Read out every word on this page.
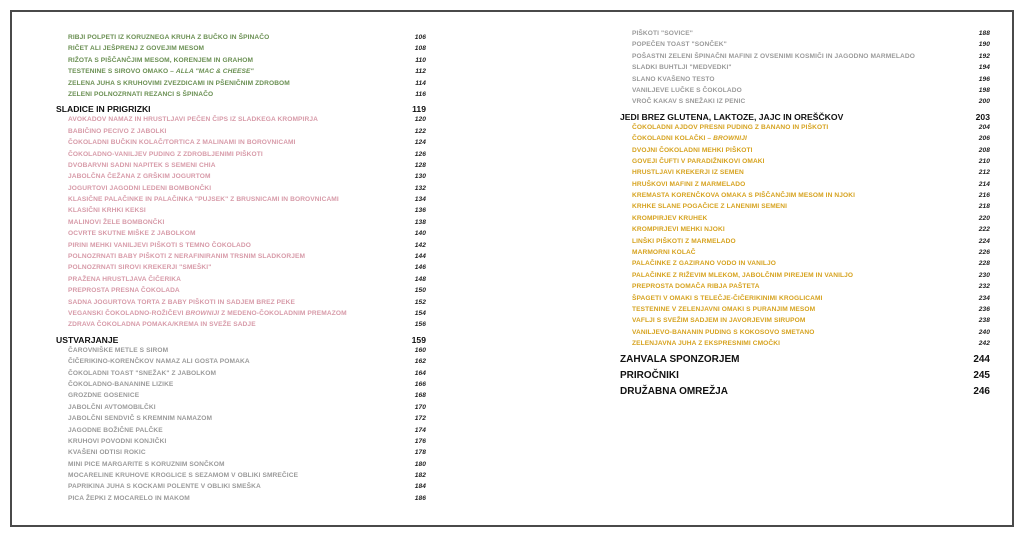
RIBJI POLPETI IZ KORUZNEGA KRUHA Z BUČKO IN ŠPINAČO	106
RIČET ALI JEŠPRENJ Z GOVEJIM MESOM	108
RIŽOTA S PIŠČANČJIM MESOM, KORENJEM IN GRAHOM	110
TESTENINE S SIROVO OMAKO – ALLA "MAC & CHEESE"	112
ZELENA JUHA S KRUHOVIMI ZVEZDICAMI IN PŠENIČNIM ZDROBOM	114
ZELENI POLNOZRNATI REZANCI S ŠPINAČO	116
SLADICE IN PRIGRIZKI	119
AVOKADOV NAMAZ IN HRUSTLJAVI PEČEN ČIPS IZ SLADKEGA KROMPIRJA	120
BABIČINO PECIVO Z JABOLKI	122
ČOKOLADNI BUČKIN KOLAČ/TORTICA Z MALINAMI IN BOROVNICAMI	124
ČOKOLADNO-VANILJEV PUDING Z ZDROBLJENIMI PIŠKOTI	126
DVOBARVNI SADNI NAPITEK S SEMENI CHIA	128
JABOLČNA ČEŽANA Z GRŠKIM JOGURTOM	130
JOGURTOVI JAGODNI LEDENI BOMBONČKI	132
KLASIČNE PALAČINKE IN PALAČINKA "PUJSEK" Z BRUSNICAMI IN BOROVNICAMI	134
KLASIČNI KRHKI KEKSI	136
MALINOVI ŽELE BOMBONČKI	138
OCVRTE SKUTNE MIŠKE Z JABOLKOM	140
PIRINI MEHKI VANILJEVI PIŠKOTI S TEMNO ČOKOLADO	142
POLNOZRNATI BABY PIŠKOTI Z NERAFINIRANIM TRSNIM SLADKORJEM	144
POLNOZRNATI SIROVI KREKERJI "SMEŠKI"	146
PRAŽENA HRUSTLJAVA ČIČERIKA	148
PREPROSTA PRESNA ČOKOLADA	150
SADNA JOGURTOVA TORTA Z BABY PIŠKOTI IN SADJEM BREZ PEKE	152
VEGANSKI ČOKOLADNO-ROŽIČEVI BROWNIJI Z MEDENO-ČOKOLADNIM PREMAZOM	154
ZDRAVA ČOKOLADNA POMAKA/KREMA IN SVEŽE SADJE	156
USTVARJANJE	159
ČAROVNIŠKE METLE S SIROM	160
ČIČERIKINO-KORENČKOV NAMAZ ALI GOSTA POMAKA	162
ČOKOLADNI TOAST "SNEŽAK" Z JABOLKOM	164
ČOKOLADNO-BANANINE LIZIKE	166
GROZDNE GOSENICE	168
JABOLČNI AVTOMOBILČKI	170
JABOLČNI SENDVIČ S KREMNIM NAMAZOM	172
JAGODNE BOŽIČNE PALČKE	174
KRUHOVI POVODNI KONJIČKI	176
KVAŠENI ODTISI ROKIC	178
MINI PICE MARGARITE S KORUZNIM SONČKOM	180
MOCARELINE KRUHOVE KROGLICE S SEZAMOM V OBLIKI SMREČICE	182
PAPRIKINA JUHA S KOCKAMI POLENTE V OBLIKI SMEŠKA	184
PICA ŽEPKI Z MOCARELO IN MAKOM	186
PIŠKOTI "SOVICE"	188
POPEČEN TOAST "SONČEK"	190
POŠASTNI ZELENI ŠPINAČNI MAFINI Z OVSENIMI KOSMIČI IN JAGODNO MARMELADO	192
SLADKI BUHTLJI "MEDVEDKI"	194
SLANO KVAŠENO TESTO	196
VANILJEVE LUČKE S ČOKOLADO	198
VROČ KAKAV S SNEŽAKI IZ PENIC	200
JEDI BREZ GLUTENA, LAKTOZE, JAJC IN OREŠČKOV	203
ČOKOLADNI AJDOV PRESNI PUDING Z BANANO IN PIŠKOTI	204
ČOKOLADNI KOLAČKI – BROWNIJI	206
DVOJNI ČOKOLADNI MEHKI PIŠKOTI	208
GOVEJI ČUFTI V PARADIŽNIKOVI OMAKI	210
HRUSTLJAVI KREKERJI IZ SEMEN	212
HRUŠKOVI MAFINI Z MARMELADO	214
KREMASTA KORENČKOVA OMAKA S PIŠČANČJIM MESOM IN NJOKI	216
KRHKE SLANE POGAČICE Z LANENIMI SEMENI	218
KROMPIRJEV KRUHEK	220
KROMPIRJEVI MEHKI NJOKI	222
LINŠKI PIŠKOTI Z MARMELADO	224
MARMORNI KOLAČ	226
PALAČINKE Z GAZIRANO VODO IN VANILJO	228
PALAČINKE Z RIŽEVIM MLEKOM, JABOLČNIM PIREJEM IN VANILJO	230
PREPROSTA DOMAČA RIBJA PAŠTETA	232
ŠPAGETI V OMAKI S TELEČJE-ČIČERIKINIMI KROGLICAMI	234
TESTENINE V ZELENJAVNI OMAKI S PURANJIM MESOM	236
VAFLJI S SVEŽIM SADJEM IN JAVORJEVIM SIRUPOM	238
VANILJEVO-BANANIN PUDING S KOKOSOVO SMETANO	240
ZELENJAVNA JUHA Z EKSPRESNIMI CMOČKI	242
ZAHVALA SPONZORJEM	244
PRIROČNIKI	245
DRUŽABNA OMREŽJA	246
